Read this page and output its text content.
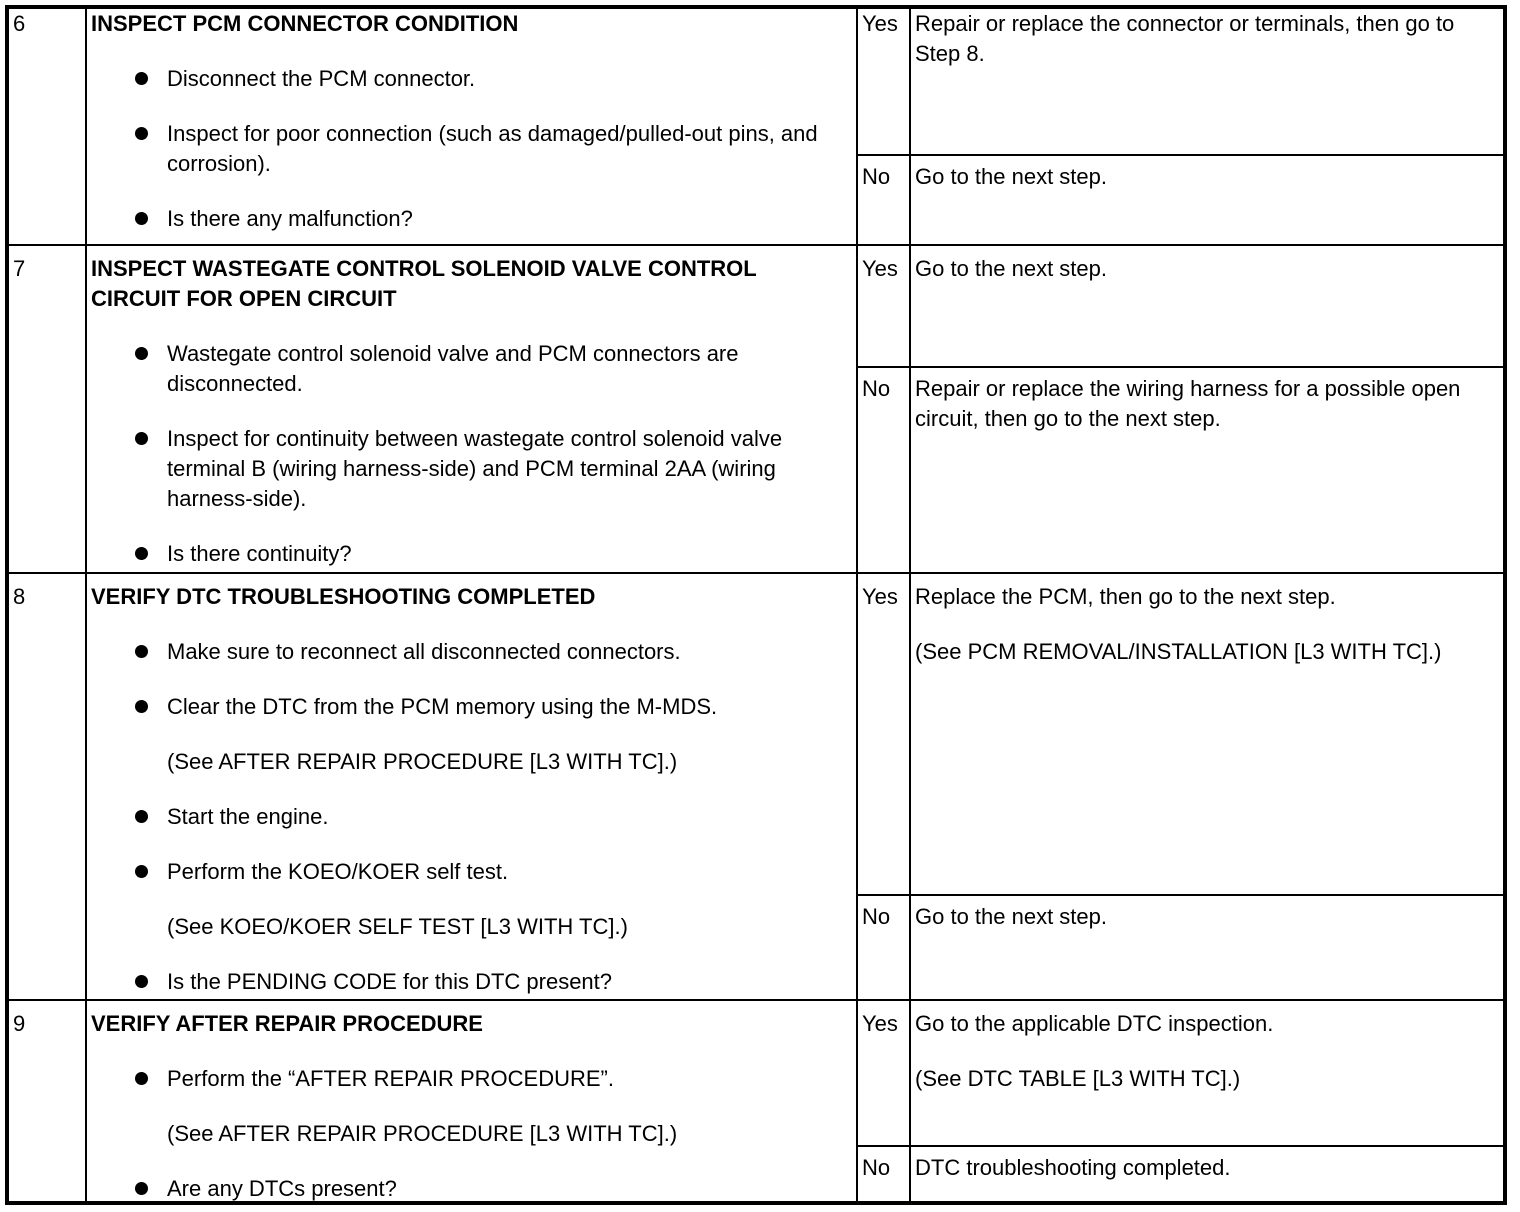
6	INSPECT PCM CONNECTOR CONDITION
Disconnect the PCM connector.
Inspect for poor connection (such as damaged/pulled-out pins, and corrosion).
Is there any malfunction?
Yes Repair or replace the connector or terminals, then go to Step 8.

No Go to the next step.

7	INSPECT WASTEGATE CONTROL SOLENOID VALVE CONTROL CIRCUIT FOR OPEN CIRCUIT
Wastegate control solenoid valve and PCM connectors are disconnected.
Inspect for continuity between wastegate control solenoid valve terminal B (wiring harness-side) and PCM terminal 2AA (wiring harness-side).
Is there continuity?
Yes Go to the next step.

No Repair or replace the wiring harness for a possible open circuit, then go to the next step.

8	VERIFY DTC TROUBLESHOOTING COMPLETED
Make sure to reconnect all disconnected connectors.
Clear the DTC from the PCM memory using the M-MDS.
(See AFTER REPAIR PROCEDURE [L3 WITH TC].)
Start the engine.
Perform the KOEO/KOER self test.
(See KOEO/KOER SELF TEST [L3 WITH TC].)
Is the PENDING CODE for this DTC present?
Yes Replace the PCM, then go to the next step.

(See PCM REMOVAL/INSTALLATION [L3 WITH TC].)

No Go to the next step.

9	VERIFY AFTER REPAIR PROCEDURE
Perform the “AFTER REPAIR PROCEDURE”.
(See AFTER REPAIR PROCEDURE [L3 WITH TC].)
Are any DTCs present?
Yes Go to the applicable DTC inspection.

(See DTC TABLE [L3 WITH TC].)

No DTC troubleshooting completed.
